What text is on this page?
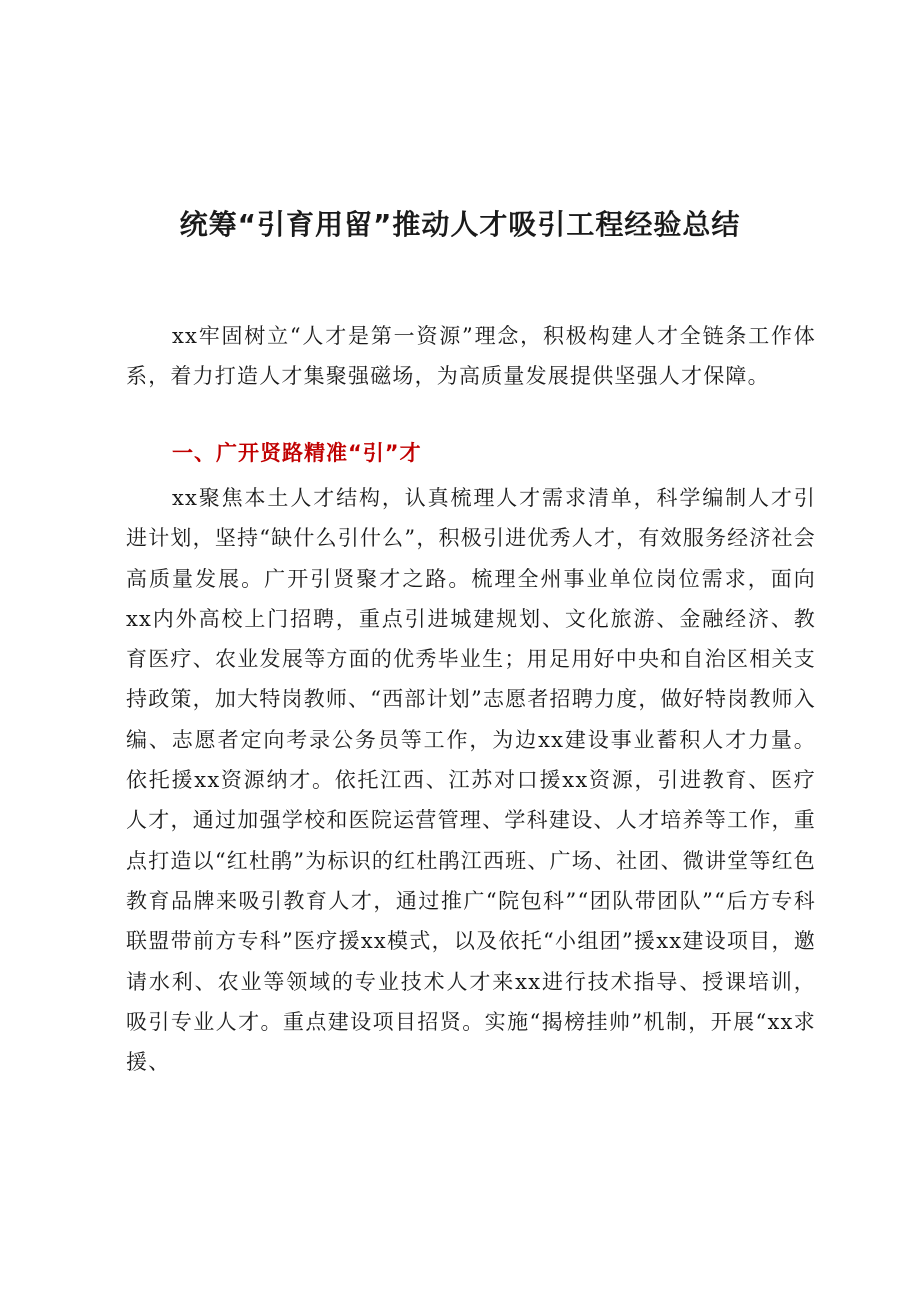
统筹“引育用留”推动人才吸引工程经验总结

xx牢固树立“人才是第一资源”理念，积极构建人才全链条工作体系，着力打造人才集聚强磁场，为高质量发展提供坚强人才保障。

一、广开贤路精准“引”才

xx聚焦本土人才结构，认真梳理人才需求清单，科学编制人才引进计划，坚持“缺什么引什么”，积极引进优秀人才，有效服务经济社会高质量发展。广开引贤聚才之路。梳理全州事业单位岗位需求，面向xx内外高校上门招聘，重点引进城建规划、文化旅游、金融经济、教育医疗、农业发展等方面的优秀毕业生；用足用好中央和自治区相关支持政策，加大特岗教师、“西部计划”志愿者招聘力度，做好特岗教师入编、志愿者定向考录公务员等工作，为边xx建设事业蓄积人才力量。依托援xx资源纳才。依托江西、江苏对口援xx资源，引进教育、医疗人才，通过加强学校和医院运营管理、学科建设、人才培养等工作，重点打造以“红杜鹃”为标识的红杜鹃江西班、广场、社团、微讲堂等红色教育品牌来吸引教育人才，通过推广“院包科”“团队带团队”“后方专科联盟带前方专科”医疗援xx模式，以及依托“小组团”援xx建设项目，邀请水利、农业等领域的专业技术人才来xx进行技术指导、授课培训，吸引专业人才。重点建设项目招贤。实施“揭榜挂帅”机制，开展“xx求援、
